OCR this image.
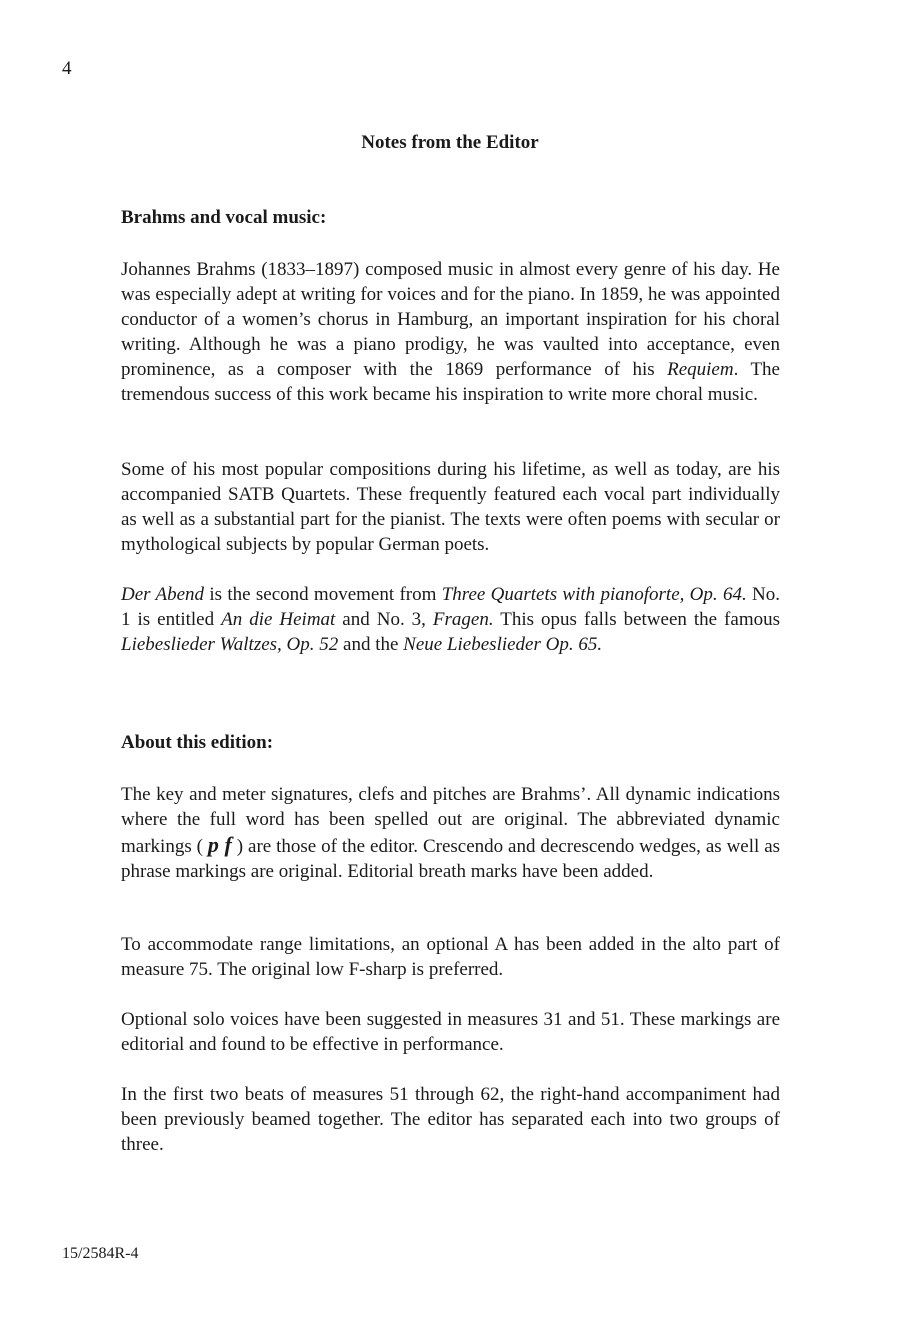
4
Notes from the Editor
Brahms and vocal music:

Johannes Brahms (1833–1897) composed music in almost every genre of his day. He was especially adept at writing for voices and for the piano. In 1859, he was appointed conductor of a women’s chorus in Hamburg, an important inspiration for his choral writing. Although he was a piano prodigy, he was vaulted into acceptance, even prominence, as a composer with the 1869 performance of his Requiem. The tremendous success of this work became his inspiration to write more choral music.

Some of his most popular compositions during his lifetime, as well as today, are his accompanied SATB Quartets. These frequently featured each vocal part individually as well as a substantial part for the pianist. The texts were often poems with secular or mythological subjects by popular German poets.

Der Abend is the second movement from Three Quartets with pianoforte, Op. 64. No. 1 is entitled An die Heimat and No. 3, Fragen. This opus falls between the famous Liebeslieder Waltzes, Op. 52 and the Neue Liebeslieder Op. 65.

About this edition:

The key and meter signatures, clefs and pitches are Brahms’. All dynamic indications where the full word has been spelled out are original. The abbreviated dynamic markings ( p f ) are those of the editor. Crescendo and decrescendo wedges, as well as phrase markings are original. Editorial breath marks have been added.

To accommodate range limitations, an optional A has been added in the alto part of measure 75. The original low F-sharp is preferred.

Optional solo voices have been suggested in measures 31 and 51. These markings are editorial and found to be effective in performance.

In the first two beats of measures 51 through 62, the right-hand accompaniment had been previously beamed together. The editor has separated each into two groups of three.

15/2584R-4
